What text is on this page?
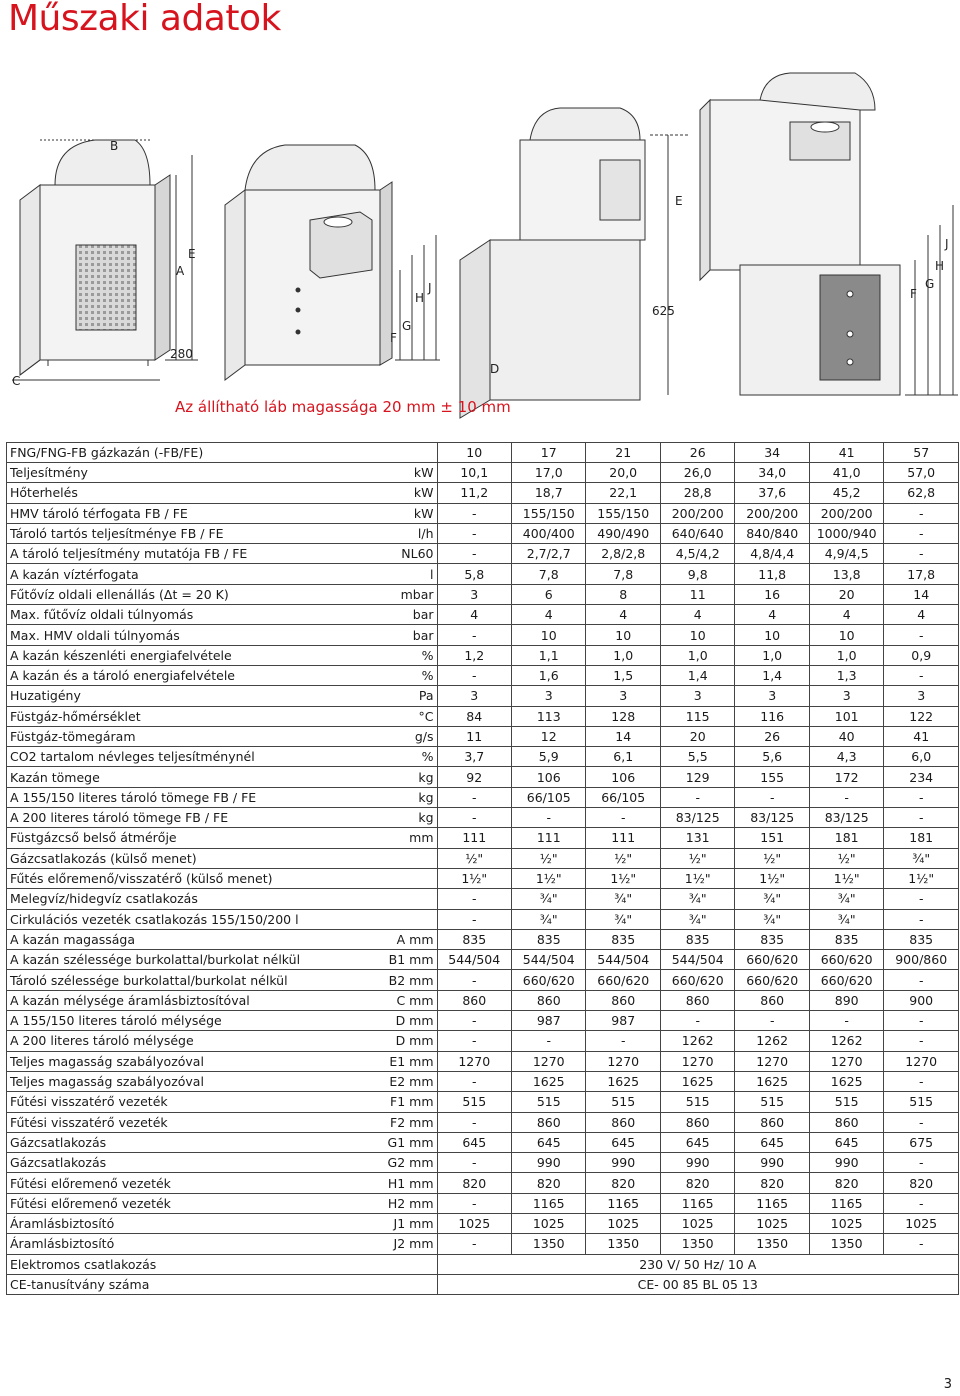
Műszaki adatok
B
A
E
C
280
G
F
H
J
D
625
E
F
G
H
J
Az állítható láb magassága 20 mm ± 10 mm
FNG/FNG-FB gázkazán (-FB/FE)		10	17	21	26	34	41	57
Teljesítmény	kW	10,1	17,0	20,0	26,0	34,0	41,0	57,0
Hőterhelés	kW	11,2	18,7	22,1	28,8	37,6	45,2	62,8
HMV tároló térfogata FB / FE	kW	-	155/150	155/150	200/200	200/200	200/200	-
Tároló tartós teljesítménye FB / FE	l/h	-	400/400	490/490	640/640	840/840	1000/940	-
A tároló teljesítmény mutatója FB / FE	NL60	-	2,7/2,7	2,8/2,8	4,5/4,2	4,8/4,4	4,9/4,5	-
A kazán víztérfogata	l	5,8	7,8	7,8	9,8	11,8	13,8	17,8
Fűtővíz oldali ellenállás (Δt = 20 K)	mbar	3	6	8	11	16	20	14
Max. fűtővíz oldali túlnyomás	bar	4	4	4	4	4	4	4
Max. HMV oldali túlnyomás	bar	-	10	10	10	10	10	-
A kazán készenléti energiafelvétele	%	1,2	1,1	1,0	1,0	1,0	1,0	0,9
A kazán és a tároló energiafelvétele	%	-	1,6	1,5	1,4	1,4	1,3	-
Huzatigény	Pa	3	3	3	3	3	3	3
Füstgáz-hőmérséklet	°C	84	113	128	115	116	101	122
Füstgáz-tömegáram	g/s	11	12	14	20	26	40	41
CO2 tartalom névleges teljesítménynél	%	3,7	5,9	6,1	5,5	5,6	4,3	6,0
Kazán tömege	kg	92	106	106	129	155	172	234
A 155/150 literes tároló tömege FB / FE	kg	-	66/105	66/105	-	-	-	-
A 200 literes tároló tömege FB / FE	kg	-	-	-	83/125	83/125	83/125	-
Füstgázcső belső átmérője	mm	111	111	111	131	151	181	181
Gázcsatlakozás (külső menet)		½"	½"	½"	½"	½"	½"	¾"
Fűtés előremenő/visszatérő (külső menet)		1½"	1½"	1½"	1½"	1½"	1½"	1½"
Melegvíz/hidegvíz csatlakozás		-	¾"	¾"	¾"	¾"	¾"	-
Cirkulációs vezeték csatlakozás 155/150/200 l		-	¾"	¾"	¾"	¾"	¾"	-
A kazán magassága	A mm	835	835	835	835	835	835	835
A kazán szélessége burkolattal/burkolat nélkül	B1 mm	544/504	544/504	544/504	544/504	660/620	660/620	900/860
Tároló szélessége burkolattal/burkolat nélkül	B2 mm	-	660/620	660/620	660/620	660/620	660/620	-
A kazán mélysége áramlásbiztosítóval	C mm	860	860	860	860	860	890	900
A 155/150 literes tároló mélysége	D mm	-	987	987	-	-	-	-
A 200 literes tároló mélysége	D mm	-	-	-	1262	1262	1262	-
Teljes magasság szabályozóval	E1 mm	1270	1270	1270	1270	1270	1270	1270
Teljes magasság szabályozóval	E2 mm	-	1625	1625	1625	1625	1625	-
Fűtési visszatérő vezeték	F1 mm	515	515	515	515	515	515	515
Fűtési visszatérő vezeték	F2 mm	-	860	860	860	860	860	-
Gázcsatlakozás	G1 mm	645	645	645	645	645	645	675
Gázcsatlakozás	G2 mm	-	990	990	990	990	990	-
Fűtési előremenő vezeték	H1 mm	820	820	820	820	820	820	820
Fűtési előremenő vezeték	H2 mm	-	1165	1165	1165	1165	1165	-
Áramlásbiztosító	J1 mm	1025	1025	1025	1025	1025	1025	1025
Áramlásbiztosító	J2 mm	-	1350	1350	1350	1350	1350	-
Elektromos csatlakozás		230 V/ 50 Hz/ 10 A						
CE-tanusítvány száma		CE- 00 85 BL 05 13						
3
